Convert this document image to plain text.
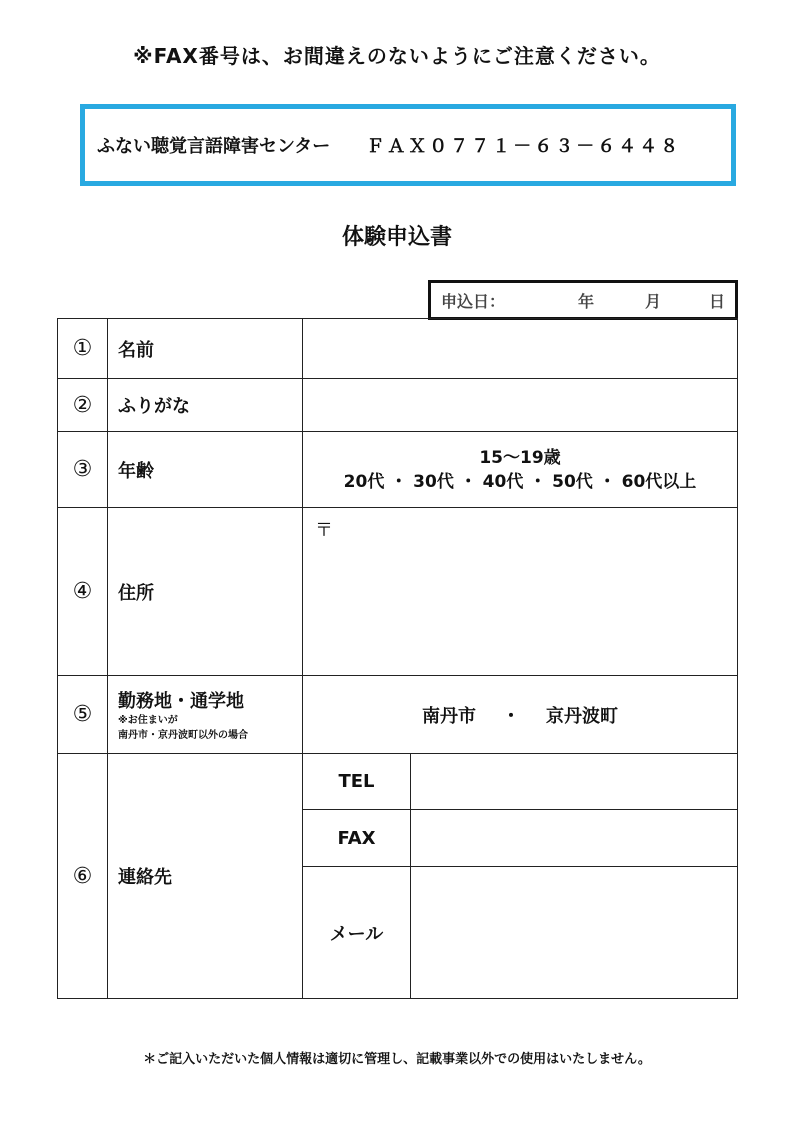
※FAX番号は、お間違えのないようにご注意ください。
ふない聴覚言語障害センター ＦＡＸ０７７１－６３－６４４８
体験申込書
申込日：	年	月	日
①	名前		
②	ふりがな		
③	年齢	15～19歳
20代 ・ 30代 ・ 40代 ・ 50代 ・ 60代以上	

④	住所	〒	
⑤	勤務地・通学地
※お住まいが
南丹市・京丹波町以外の場合	南丹市 ・ 京丹波町	
⑥	連絡先	TEL	
		FAX	
		メール	
＊ご記入いただいた個人情報は適切に管理し、記載事業以外での使用はいたしません。
